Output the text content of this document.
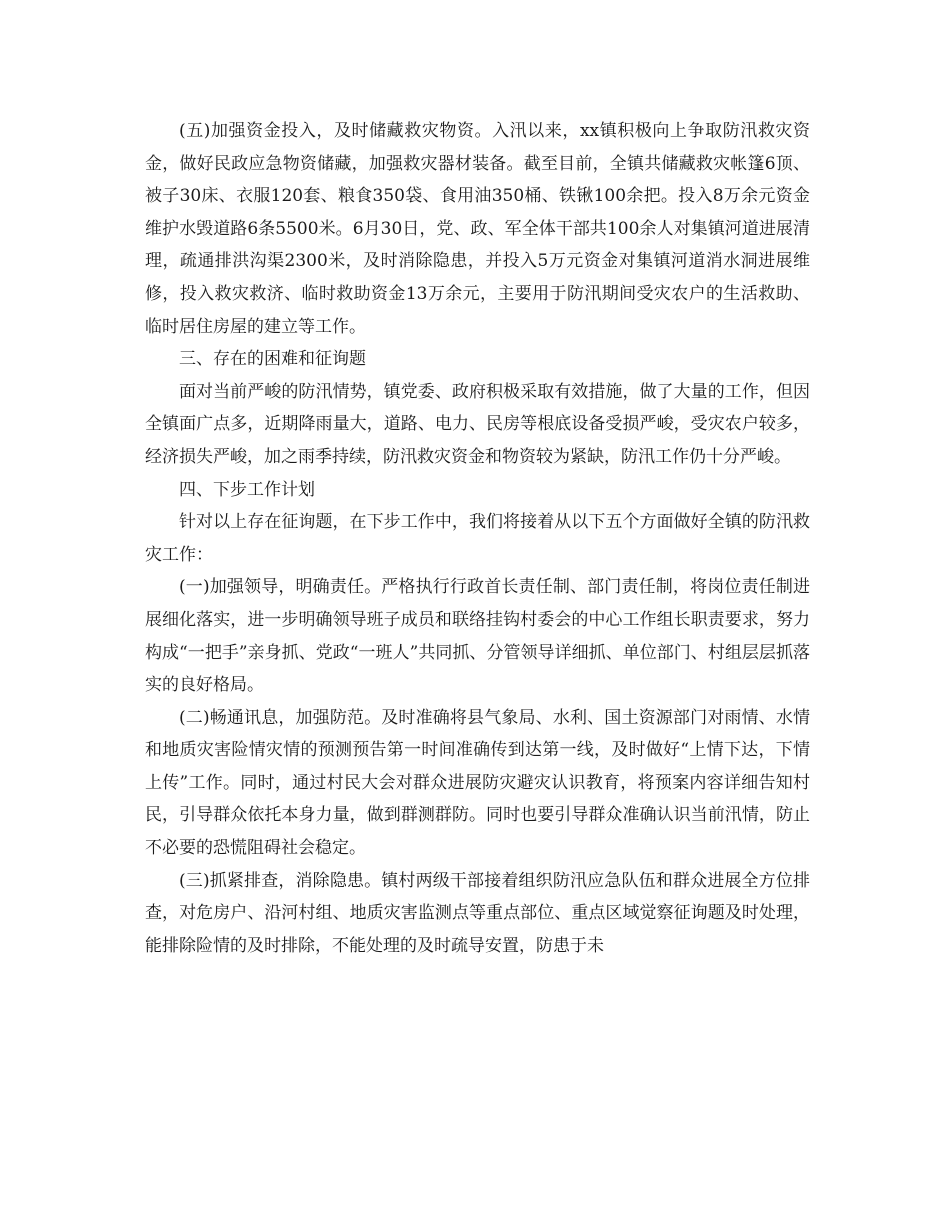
(五)加强资金投入，及时储藏救灾物资。入汛以来，xx镇积极向上争取防汛救灾资金，做好民政应急物资储藏，加强救灾器材装备。截至目前，全镇共储藏救灾帐篷6顶、被子30床、衣服120套、粮食350袋、食用油350桶、铁锹100余把。投入8万余元资金维护水毁道路6条5500米。6月30日，党、政、军全体干部共100余人对集镇河道进展清理，疏通排洪沟渠2300米，及时消除隐患，并投入5万元资金对集镇河道消水洞进展维修，投入救灾救济、临时救助资金13万余元，主要用于防汛期间受灾农户的生活救助、临时居住房屋的建立等工作。

三、存在的困难和征询题

面对当前严峻的防汛情势，镇党委、政府积极采取有效措施，做了大量的工作，但因全镇面广点多，近期降雨量大，道路、电力、民房等根底设备受损严峻，受灾农户较多，经济损失严峻，加之雨季持续，防汛救灾资金和物资较为紧缺，防汛工作仍十分严峻。

四、下步工作计划

针对以上存在征询题，在下步工作中，我们将接着从以下五个方面做好全镇的防汛救灾工作：

(一)加强领导，明确责任。严格执行行政首长责任制、部门责任制，将岗位责任制进展细化落实，进一步明确领导班子成员和联络挂钩村委会的中心工作组长职责要求，努力构成“一把手”亲身抓、党政“一班人”共同抓、分管领导详细抓、单位部门、村组层层抓落实的良好格局。

(二)畅通讯息，加强防范。及时准确将县气象局、水利、国土资源部门对雨情、水情和地质灾害险情灾情的预测预告第一时间准确传到达第一线，及时做好“上情下达，下情上传”工作。同时，通过村民大会对群众进展防灾避灾认识教育，将预案内容详细告知村民，引导群众依托本身力量，做到群测群防。同时也要引导群众准确认识当前汛情，防止不必要的恐慌阻碍社会稳定。

(三)抓紧排查，消除隐患。镇村两级干部接着组织防汛应急队伍和群众进展全方位排查，对危房户、沿河村组、地质灾害监测点等重点部位、重点区域觉察征询题及时处理，能排除险情的及时排除，不能处理的及时疏导安置，防患于未
